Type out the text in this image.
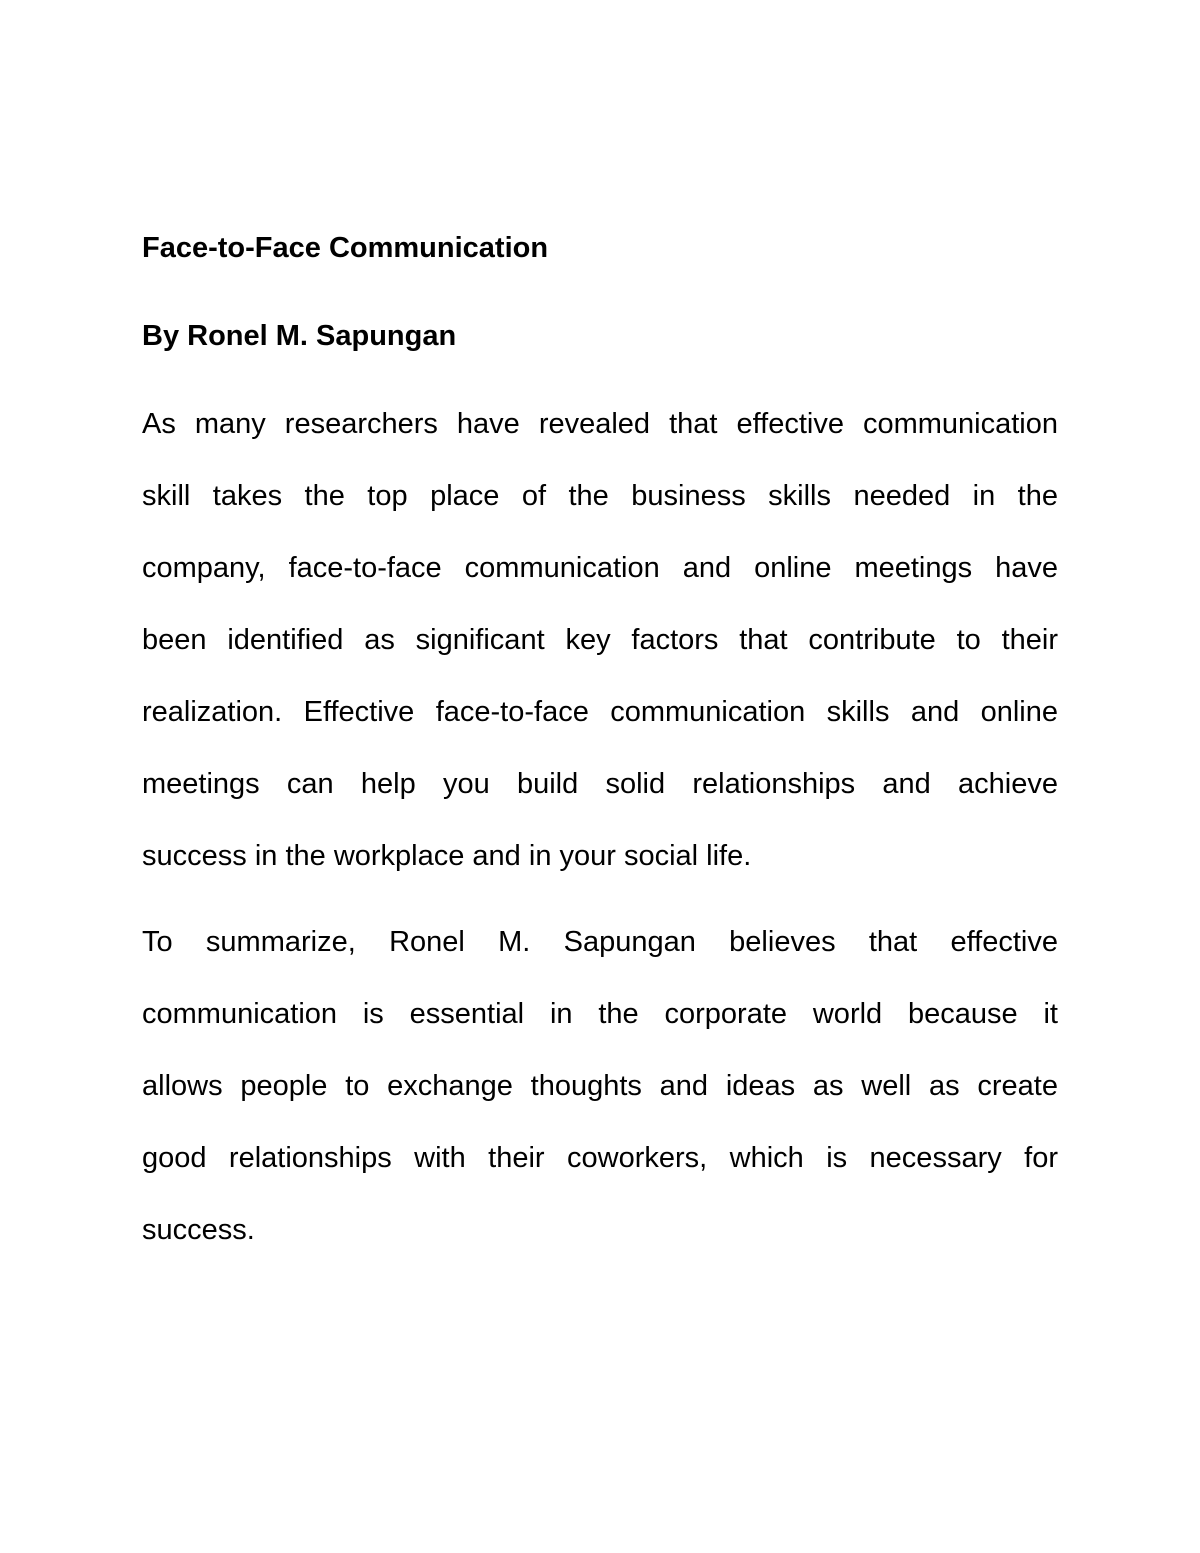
Face-to-Face Communication

By Ronel M. Sapungan

As many researchers have revealed that effective communication
skill takes the top place of the business skills needed in the
company, face-to-face communication and online meetings have
been identified as significant key factors that contribute to their
realization. Effective face-to-face communication skills and online
meetings can help you build solid relationships and achieve
success in the workplace and in your social life.

To summarize, Ronel M. Sapungan believes that effective
communication is essential in the corporate world because it
allows people to exchange thoughts and ideas as well as create
good relationships with their coworkers, which is necessary for
success.
